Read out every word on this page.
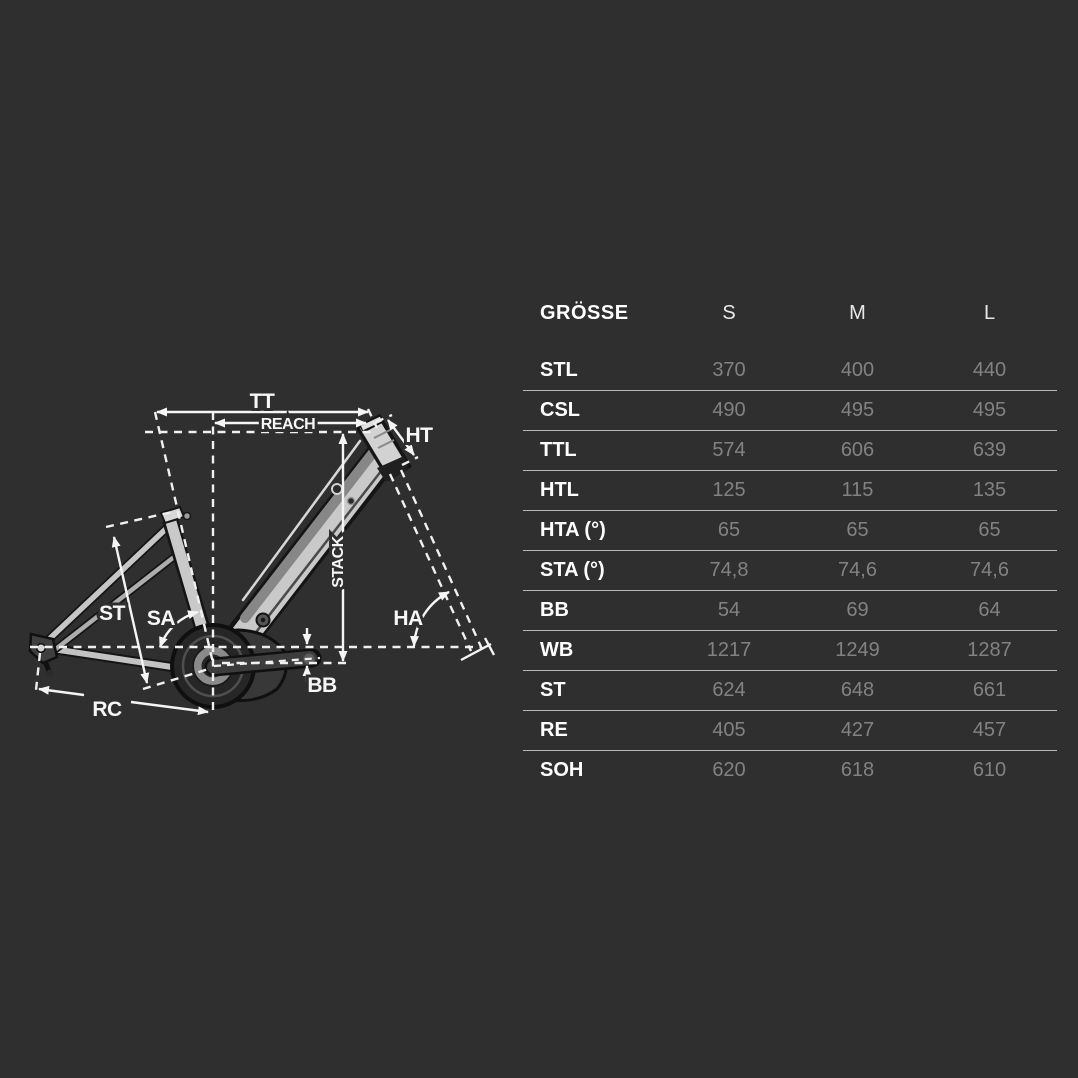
TT
REACH	HT
STACK
ST SA	HA
BB
RC
GRÖSSE	S	M	L
STL	370	400	440
CSL	490	495	495
TTL	574	606	639
HTL	125	115	135
HTA (°)	65	65	65
STA (°)	74,8	74,6	74,6
BB	54	69	64
WB	1217	1249	1287
ST	624	648	661
RE	405	427	457
SOH	620	618	610
